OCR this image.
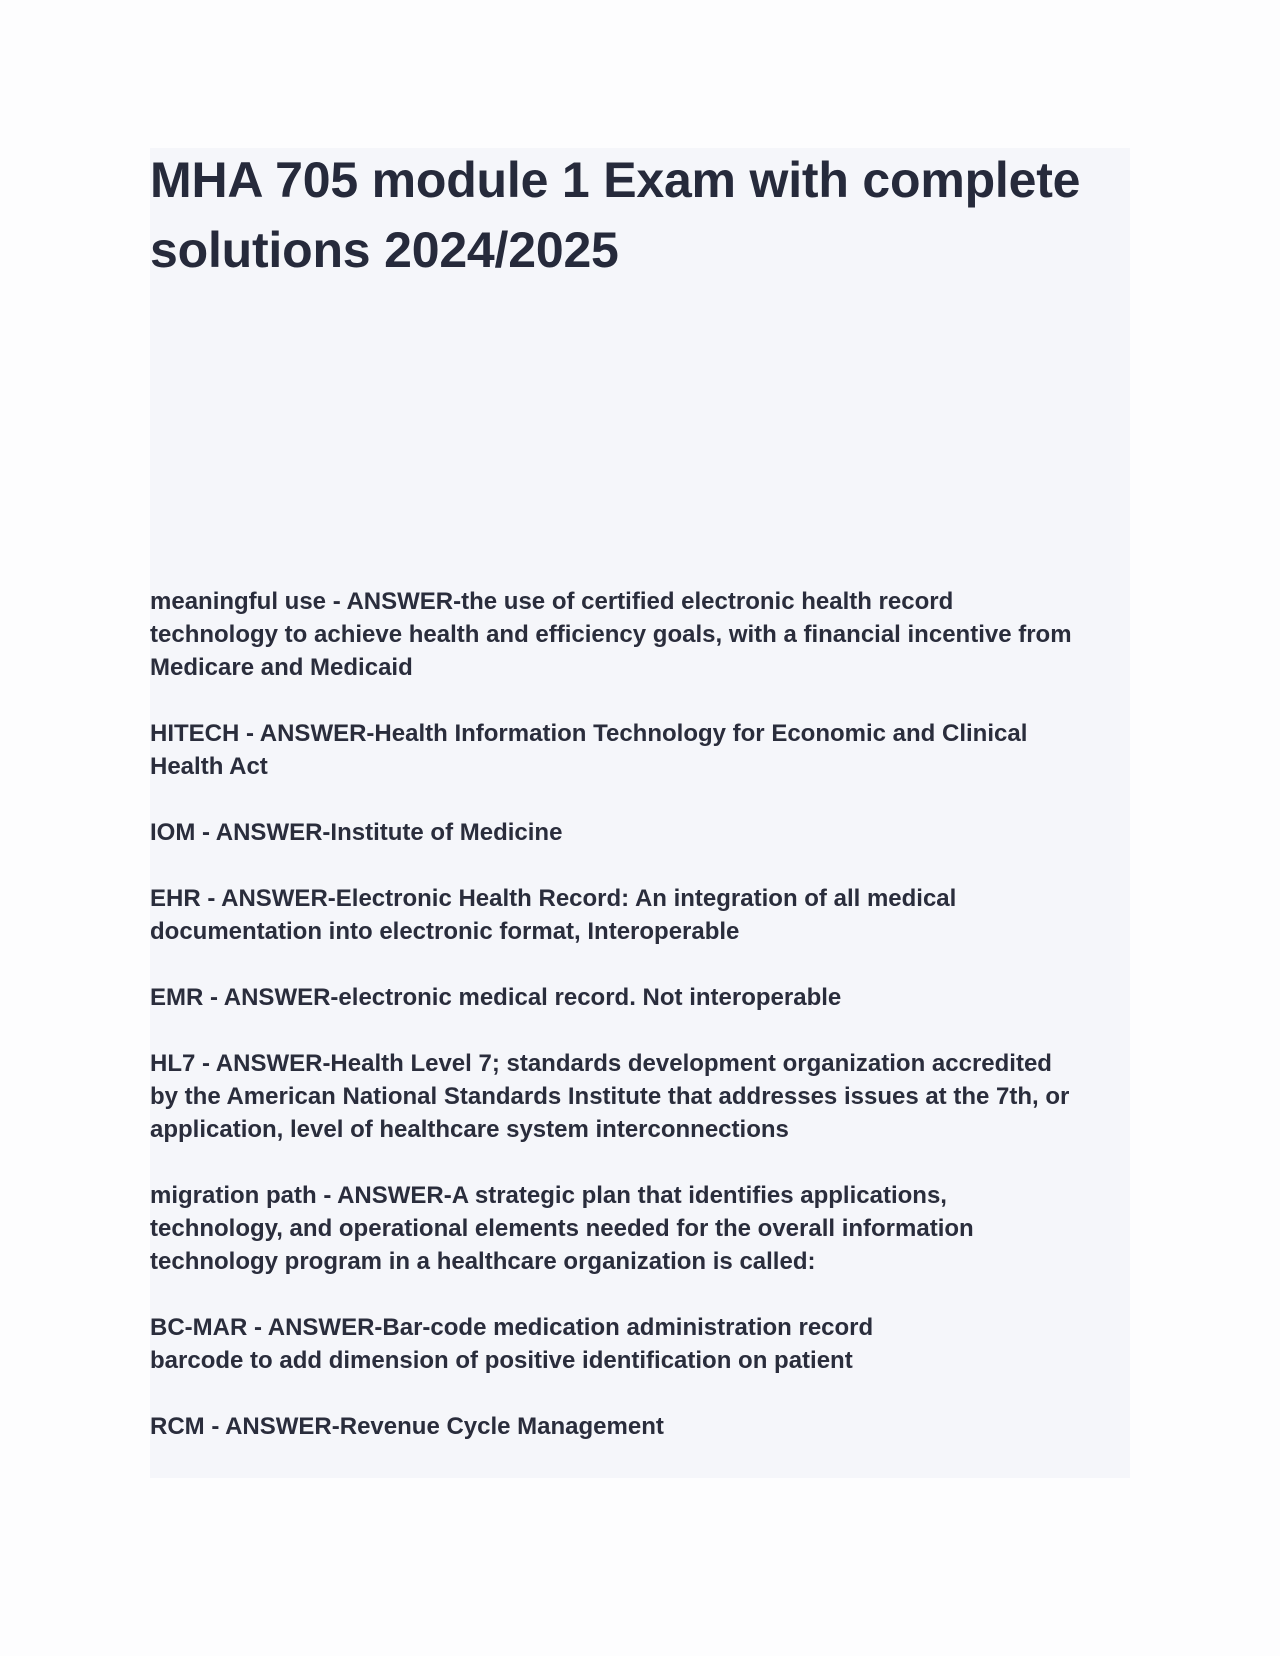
MHA 705 module 1 Exam with complete
solutions 2024/2025
meaningful use - ANSWER-the use of certified electronic health record
technology to achieve health and efficiency goals, with a financial incentive from
Medicare and Medicaid
HITECH - ANSWER-Health Information Technology for Economic and Clinical
Health Act
IOM - ANSWER-Institute of Medicine
EHR - ANSWER-Electronic Health Record: An integration of all medical
documentation into electronic format, Interoperable
EMR - ANSWER-electronic medical record. Not interoperable
HL7 - ANSWER-Health Level 7; standards development organization accredited
by the American National Standards Institute that addresses issues at the 7th, or
application, level of healthcare system interconnections
migration path - ANSWER-A strategic plan that identifies applications,
technology, and operational elements needed for the overall information
technology program in a healthcare organization is called:
BC-MAR - ANSWER-Bar-code medication administration record
barcode to add dimension of positive identification on patient
RCM - ANSWER-Revenue Cycle Management
